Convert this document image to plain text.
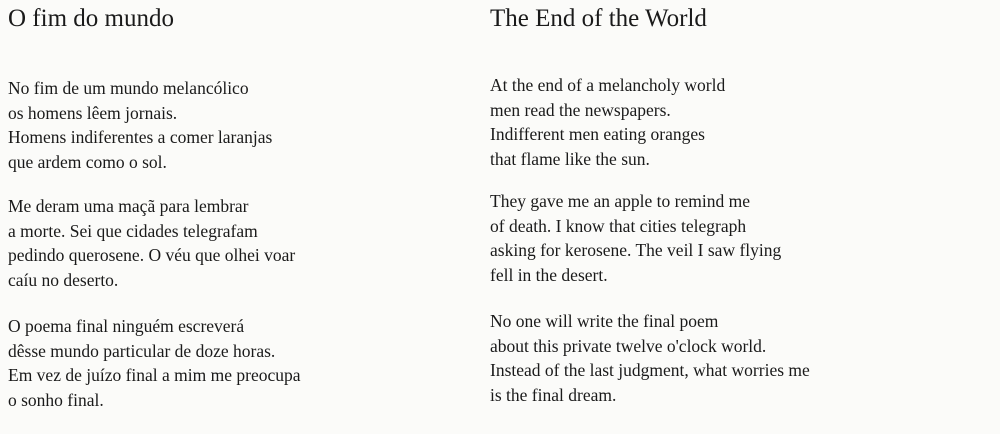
O fim do mundo

No fim de um mundo melancólico
os homens lêem jornais.
Homens indiferentes a comer laranjas
que ardem como o sol.

Me deram uma maçã para lembrar
a morte. Sei que cidades telegrafam
pedindo querosene. O véu que olhei voar
caíu no deserto.

O poema final ninguém escreverá
dêsse mundo particular de doze horas.
Em vez de juízo final a mim me preocupa
o sonho final.

The End of the World

At the end of a melancholy world
men read the newspapers.
Indifferent men eating oranges
that flame like the sun.

They gave me an apple to remind me
of death. I know that cities telegraph
asking for kerosene. The veil I saw flying
fell in the desert.

No one will write the final poem
about this private twelve o'clock world.
Instead of the last judgment, what worries me
is the final dream.
